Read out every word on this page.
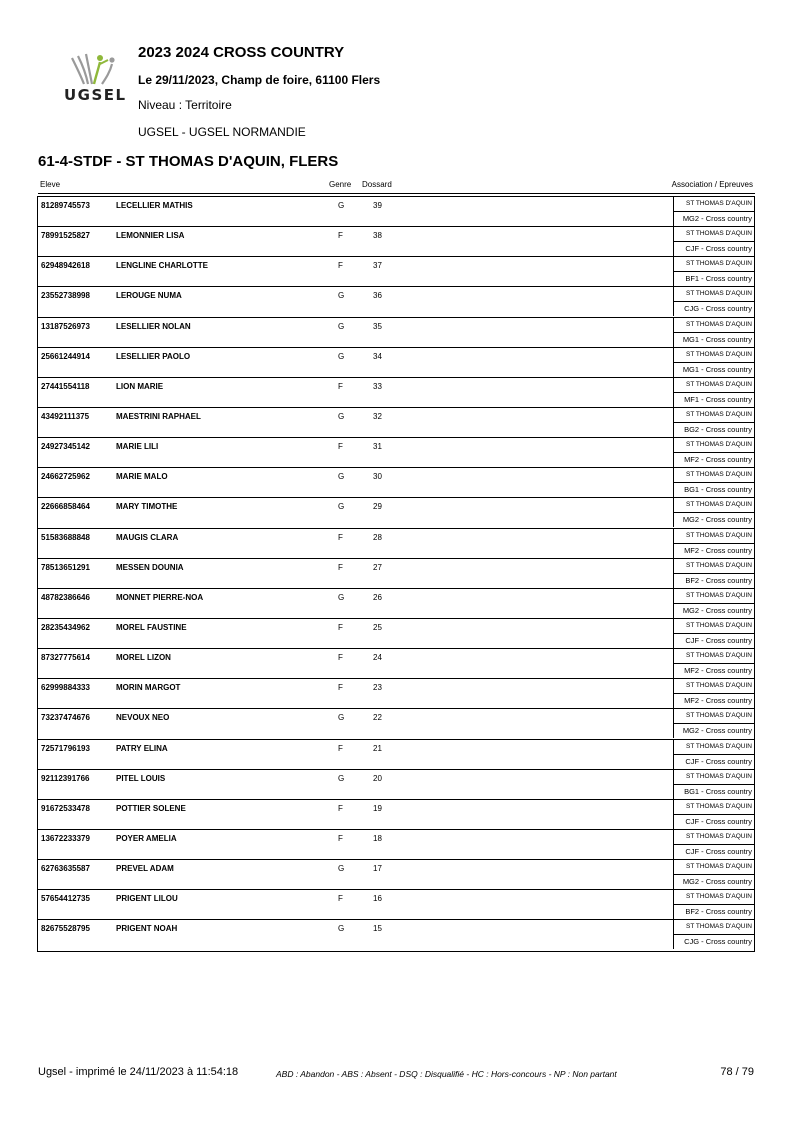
UGSEL
2023 2024 CROSS COUNTRY
Le 29/11/2023, Champ de foire, 61100 Flers
Niveau : Territoire
UGSEL - UGSEL NORMANDIE
61-4-STDF - ST THOMAS D'AQUIN, FLERS
Eleve	Genre Dossard	Association / Epreuves
81289745573	LECELLIER MATHIS	G	39	ST THOMAS D'AQUIN
MG2 - Cross country
78991525827	LEMONNIER LISA	F	38	ST THOMAS D'AQUIN
CJF - Cross country
62948942618	LENGLINE CHARLOTTE	F	37	ST THOMAS D'AQUIN
BF1 - Cross country
23552738998	LEROUGE NUMA	G	36	ST THOMAS D'AQUIN
CJG - Cross country
13187526973	LESELLIER NOLAN	G	35	ST THOMAS D'AQUIN
MG1 - Cross country
25661244914	LESELLIER PAOLO	G	34	ST THOMAS D'AQUIN
MG1 - Cross country
27441554118	LION MARIE	F	33	ST THOMAS D'AQUIN
MF1 - Cross country
43492111375	MAESTRINI RAPHAEL	G	32	ST THOMAS D'AQUIN
BG2 - Cross country
24927345142	MARIE LILI	F	31	ST THOMAS D'AQUIN
MF2 - Cross country
24662725962	MARIE MALO	G	30	ST THOMAS D'AQUIN
BG1 - Cross country
22666858464	MARY TIMOTHE	G	29	ST THOMAS D'AQUIN
MG2 - Cross country
51583688848	MAUGIS CLARA	F	28	ST THOMAS D'AQUIN
MF2 - Cross country
78513651291	MESSEN DOUNIA	F	27	ST THOMAS D'AQUIN
BF2 - Cross country
48782386646	MONNET PIERRE-NOA	G	26	ST THOMAS D'AQUIN
MG2 - Cross country
28235434962	MOREL FAUSTINE	F	25	ST THOMAS D'AQUIN
CJF - Cross country
87327775614	MOREL LIZON	F	24	ST THOMAS D'AQUIN
MF2 - Cross country
62999884333	MORIN MARGOT	F	23	ST THOMAS D'AQUIN
MF2 - Cross country
73237474676	NEVOUX NEO	G	22	ST THOMAS D'AQUIN
MG2 - Cross country
72571796193	PATRY ELINA	F	21	ST THOMAS D'AQUIN
CJF - Cross country
92112391766	PITEL LOUIS	G	20	ST THOMAS D'AQUIN
BG1 - Cross country
91672533478	POTTIER SOLENE	F	19	ST THOMAS D'AQUIN
CJF - Cross country
13672233379	POYER AMELIA	F	18	ST THOMAS D'AQUIN
CJF - Cross country
62763635587	PREVEL ADAM	G	17	ST THOMAS D'AQUIN
MG2 - Cross country
57654412735	PRIGENT LILOU	F	16	ST THOMAS D'AQUIN
BF2 - Cross country
82675528795	PRIGENT NOAH	G	15	ST THOMAS D'AQUIN
CJG - Cross country
Ugsel - imprimé le 24/11/2023 à 11:54:18	ABD : Abandon - ABS : Absent - DSQ : Disqualifié - HC : Hors-concours - NP : Non partant	78 / 79
